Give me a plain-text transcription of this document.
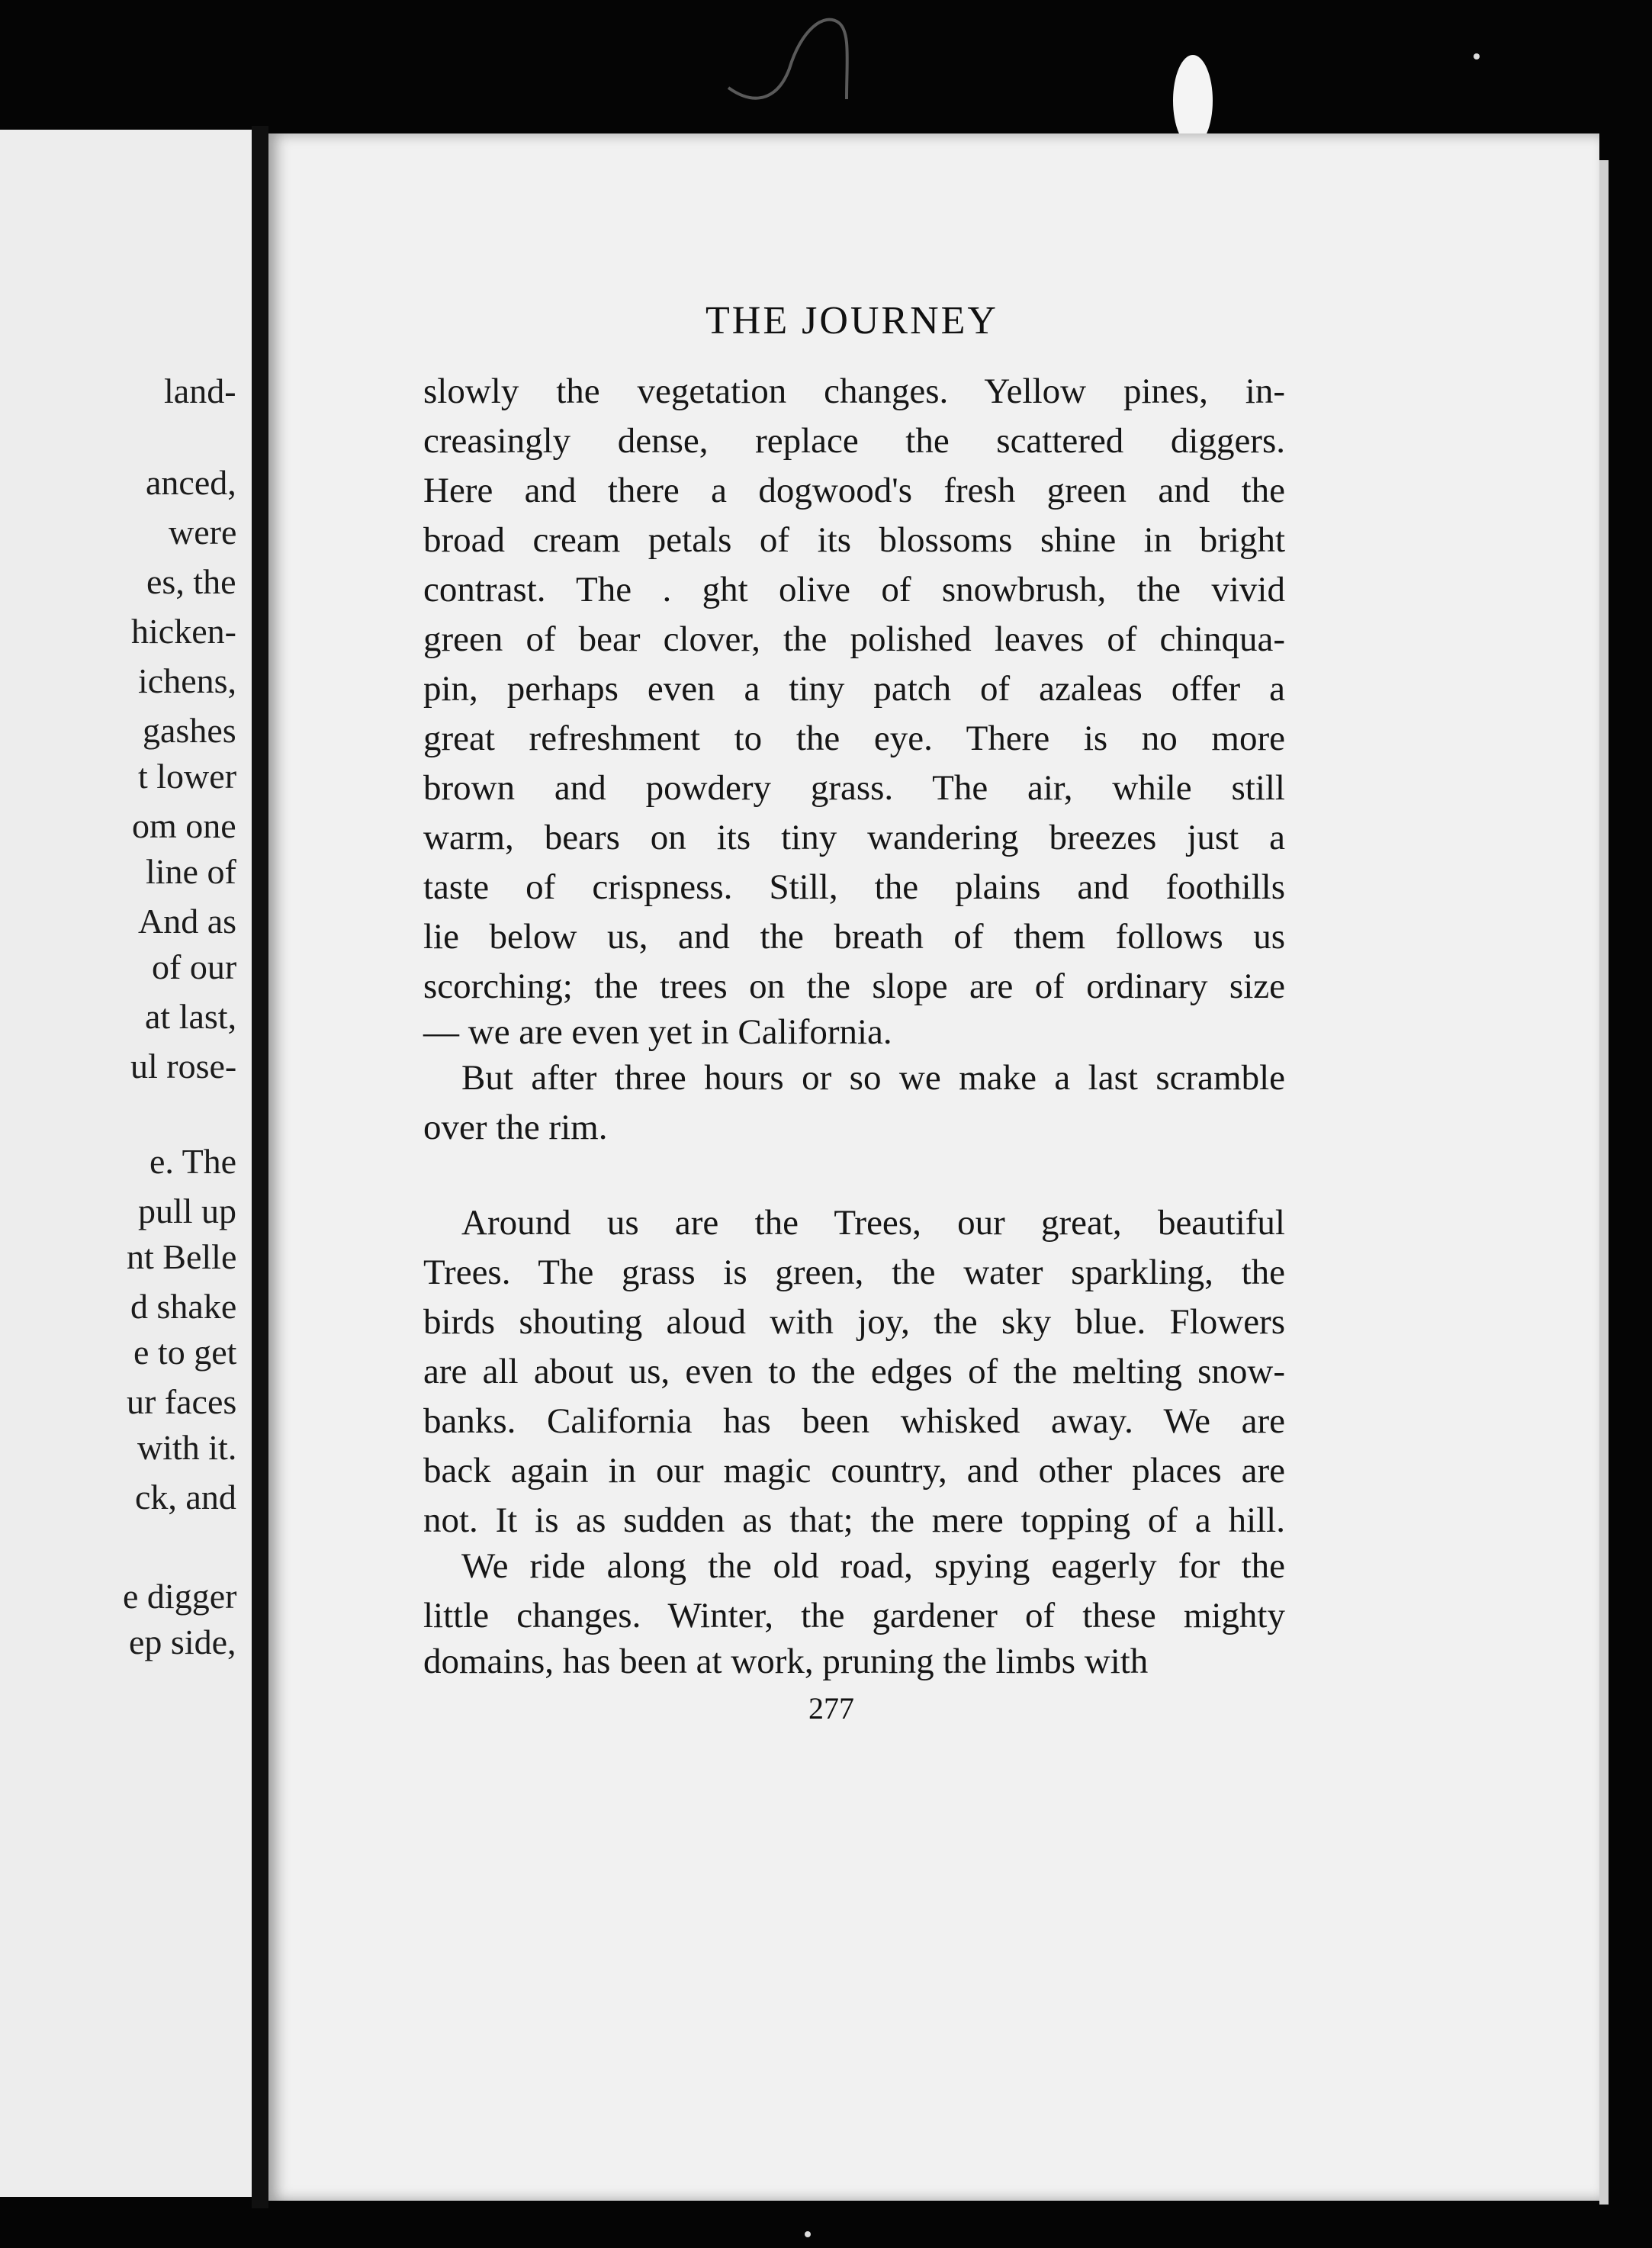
land-
anced,
were
es, the
hicken-
ichens,
gashes
t lower
om one
line of
And as
of our
at last,
ul rose-
e. The
pull up
nt Belle
d shake
e to get
ur faces
with it.
ck, and
e digger
ep side,
THE JOURNEY
slowly the vegetation changes. Yellow pines, in-
creasingly dense, replace the scattered diggers.
Here and there a dogwood's fresh green and the
broad cream petals of its blossoms shine in bright
contrast. The . ght olive of snowbrush, the vivid
green of bear clover, the polished leaves of chinqua-
pin, perhaps even a tiny patch of azaleas offer a
great refreshment to the eye. There is no more
brown and powdery grass. The air, while still
warm, bears on its tiny wandering breezes just a
taste of crispness. Still, the plains and foothills
lie below us, and the breath of them follows us
scorching; the trees on the slope are of ordinary size
— we are even yet in California.
But after three hours or so we make a last scramble
over the rim.
Around us are the Trees, our great, beautiful
Trees. The grass is green, the water sparkling, the
birds shouting aloud with joy, the sky blue. Flowers
are all about us, even to the edges of the melting snow-
banks. California has been whisked away. We are
back again in our magic country, and other places are
not. It is as sudden as that; the mere topping of a hill.
We ride along the old road, spying eagerly for the
little changes. Winter, the gardener of these mighty
domains, has been at work, pruning the limbs with
277
